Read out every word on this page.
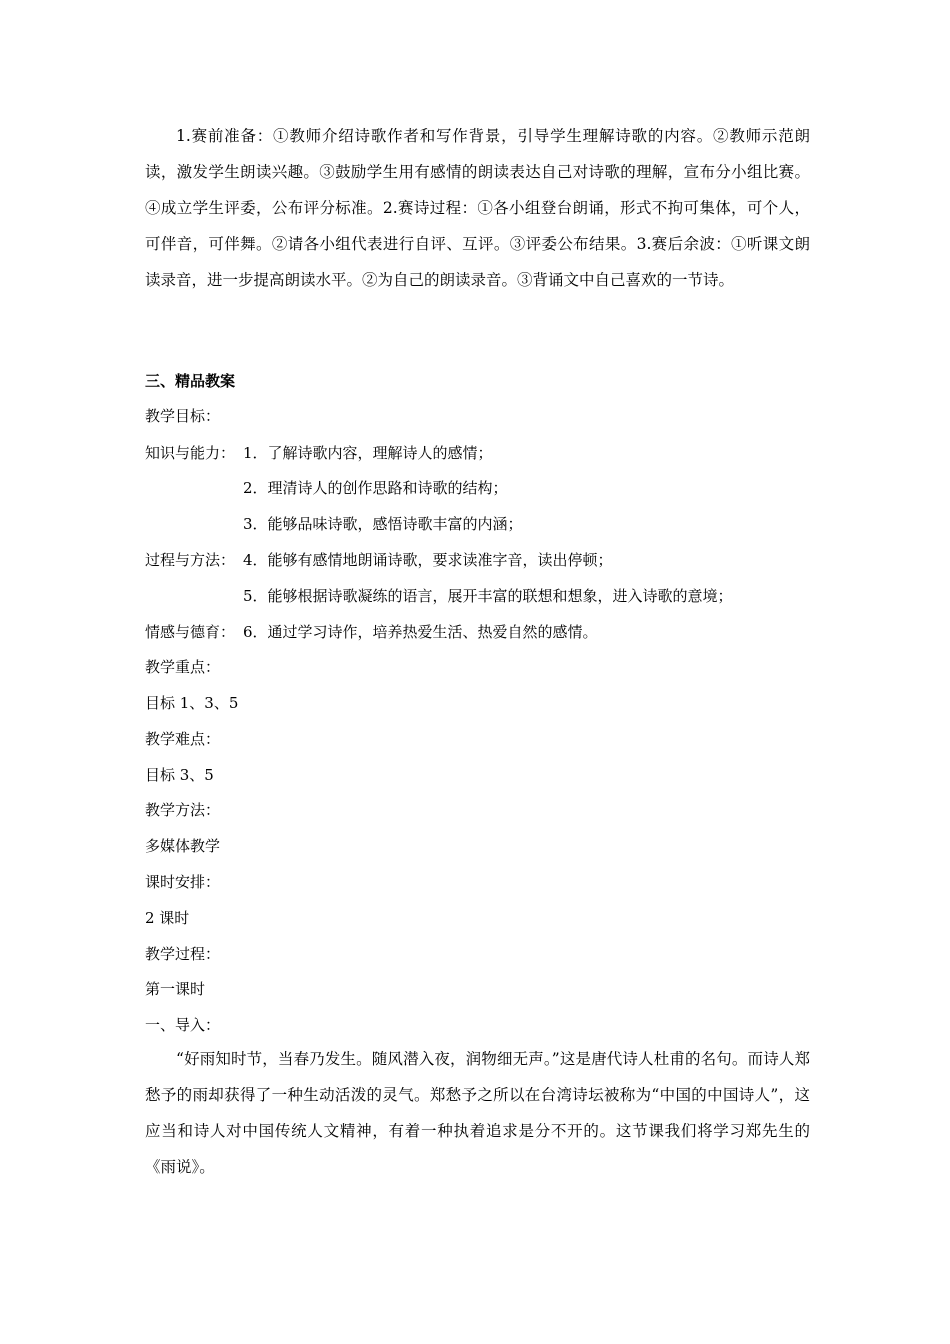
1.赛前准备：①教师介绍诗歌作者和写作背景，引导学生理解诗歌的内容。②教师示范朗读，激发学生朗读兴趣。③鼓励学生用有感情的朗读表达自己对诗歌的理解，宣布分小组比赛。④成立学生评委，公布评分标准。2.赛诗过程：①各小组登台朗诵，形式不拘可集体，可个人，可伴音，可伴舞。②请各小组代表进行自评、互评。③评委公布结果。3.赛后余波：①听课文朗读录音，进一步提高朗读水平。②为自己的朗读录音。③背诵文中自己喜欢的一节诗。

三、精品教案
教学目标：
知识与能力： 1．了解诗歌内容，理解诗人的感情；
2．理清诗人的创作思路和诗歌的结构；
3．能够品味诗歌，感悟诗歌丰富的内涵；
过程与方法： 4．能够有感情地朗诵诗歌，要求读准字音，读出停顿；
5．能够根据诗歌凝练的语言，展开丰富的联想和想象，进入诗歌的意境；
情感与德育： 6．通过学习诗作，培养热爱生活、热爱自然的感情。
教学重点：
目标 1、3、5
教学难点：
目标 3、5
教学方法：
多媒体教学
课时安排：
2 课时
教学过程：
第一课时
一、导入：

“好雨知时节，当春乃发生。随风潜入夜，润物细无声。”这是唐代诗人杜甫的名句。而诗人郑愁予的雨却获得了一种生动活泼的灵气。郑愁予之所以在台湾诗坛被称为“中国的中国诗人”，这应当和诗人对中国传统人文精神，有着一种执着追求是分不开的。这节课我们将学习郑先生的《雨说》。
